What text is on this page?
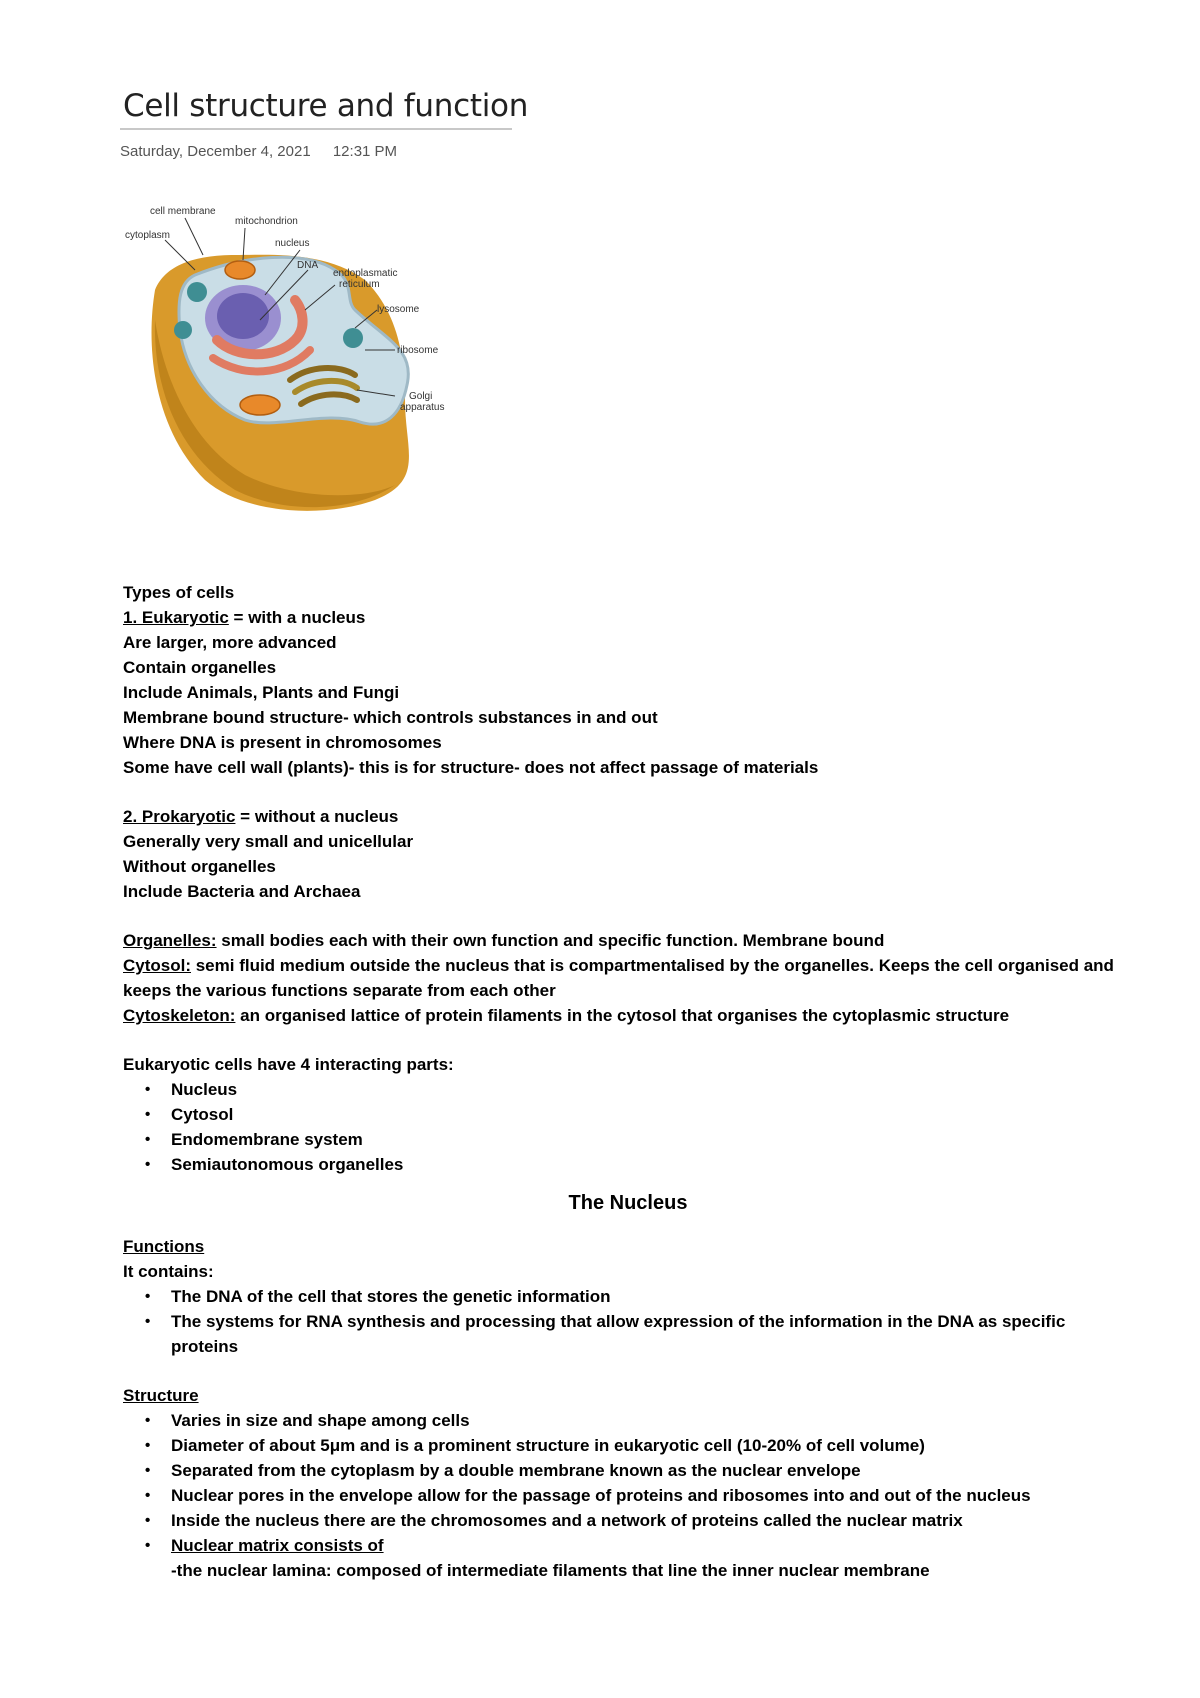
Cell structure and function
Saturday, December 4, 2021 12:31 PM
cell membrane
mitochondrion
cytoplasm
nucleus
DNA
endoplasmatic
reticulum
lysosome
ribosome
Golgi
apparatus

Types of cells

1. Eukaryotic = with a nucleus

Are larger, more advanced

Contain organelles

Include Animals, Plants and Fungi

Membrane bound structure- which controls substances in and out

Where DNA is present in chromosomes

Some have cell wall (plants)- this is for structure- does not affect passage of materials

2. Prokaryotic = without a nucleus

Generally very small and unicellular

Without organelles

Include Bacteria and Archaea

Organelles: small bodies each with their own function and specific function. Membrane bound

Cytosol: semi fluid medium outside the nucleus that is compartmentalised by the organelles. Keeps the cell organised and keeps the various functions separate from each other

Cytoskeleton: an organised lattice of protein filaments in the cytosol that organises the cytoplasmic structure

Eukaryotic cells have 4 interacting parts:

• Nucleus
• Cytosol
• Endomembrane system
• Semiautonomous organelles
The Nucleus

Functions

It contains:

• The DNA of the cell that stores the genetic information
• The systems for RNA synthesis and processing that allow expression of the information in the DNA as specific proteins

Structure

• Varies in size and shape among cells
• Diameter of about 5μm and is a prominent structure in eukaryotic cell (10-20% of cell volume)
• Separated from the cytoplasm by a double membrane known as the nuclear envelope
• Nuclear pores in the envelope allow for the passage of proteins and ribosomes into and out of the nucleus
• Inside the nucleus there are the chromosomes and a network of proteins called the nuclear matrix
• Nuclear matrix consists of

-the nuclear lamina: composed of intermediate filaments that line the inner nuclear membrane
